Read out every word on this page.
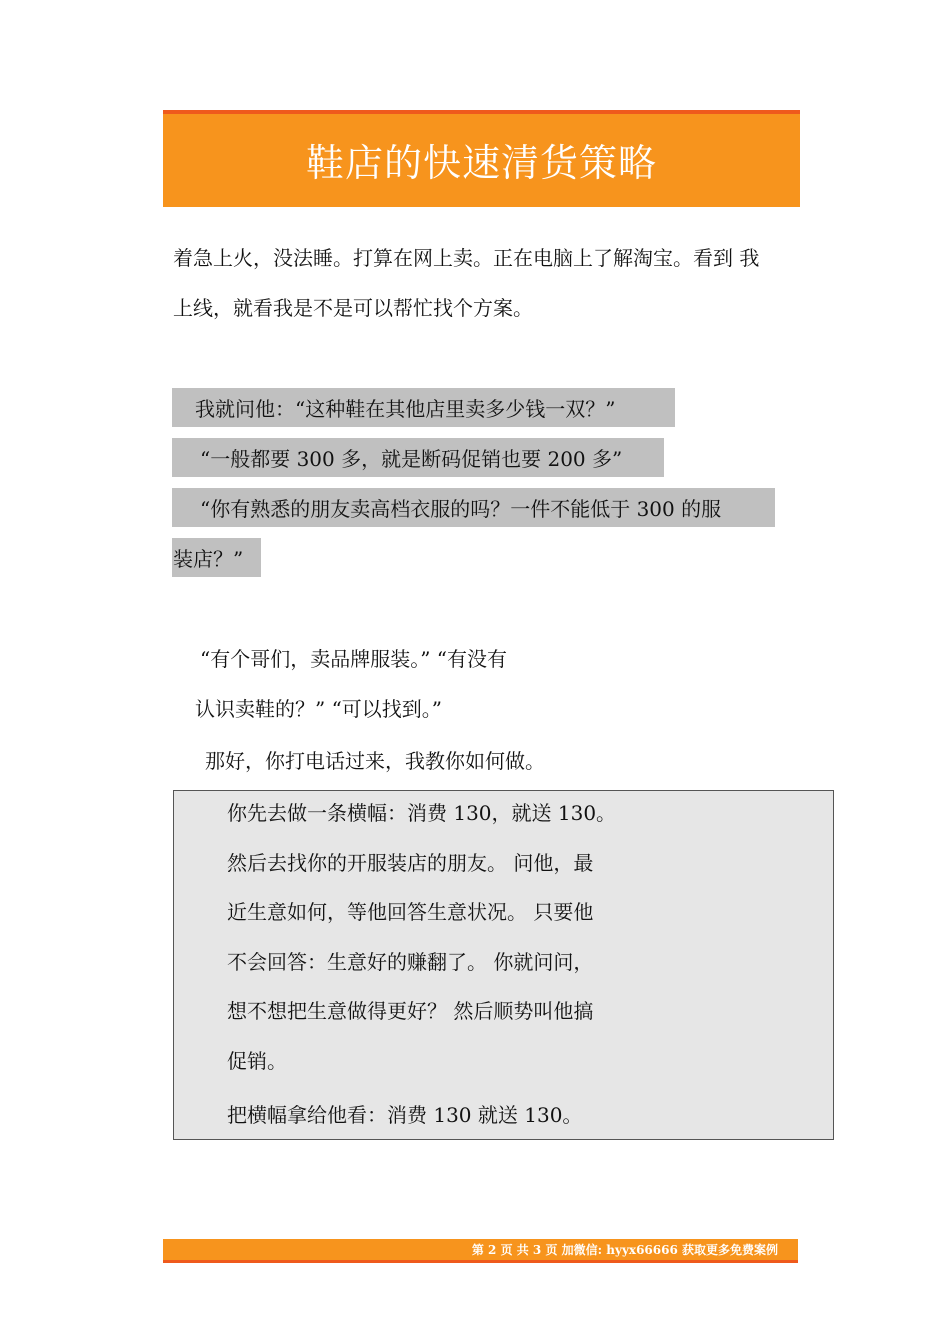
鞋店的快速清货策略
着急上火，没法睡。打算在网上卖。正在电脑上了解淘宝。看到 我
上线，就看我是不是可以帮忙找个方案。
我就问他：“这种鞋在其他店里卖多少钱一双？”
“一般都要 300 多，就是断码促销也要 200 多”
“你有熟悉的朋友卖高档衣服的吗？一件不能低于 300 的服
装店？”
“有个哥们，卖品牌服装。” “有没有
认识卖鞋的？” “可以找到。”
那好，你打电话过来，我教你如何做。
你先去做一条横幅：消费 130，就送 130。
然后去找你的开服装店的朋友。 问他，最
近生意如何，等他回答生意状况。 只要他
不会回答：生意好的赚翻了。 你就问问，
想不想把生意做得更好？ 然后顺势叫他搞
促销。
把横幅拿给他看：消费 130 就送 130。
第 2 页 共 3 页 加微信: hyyx66666 获取更多免费案例
